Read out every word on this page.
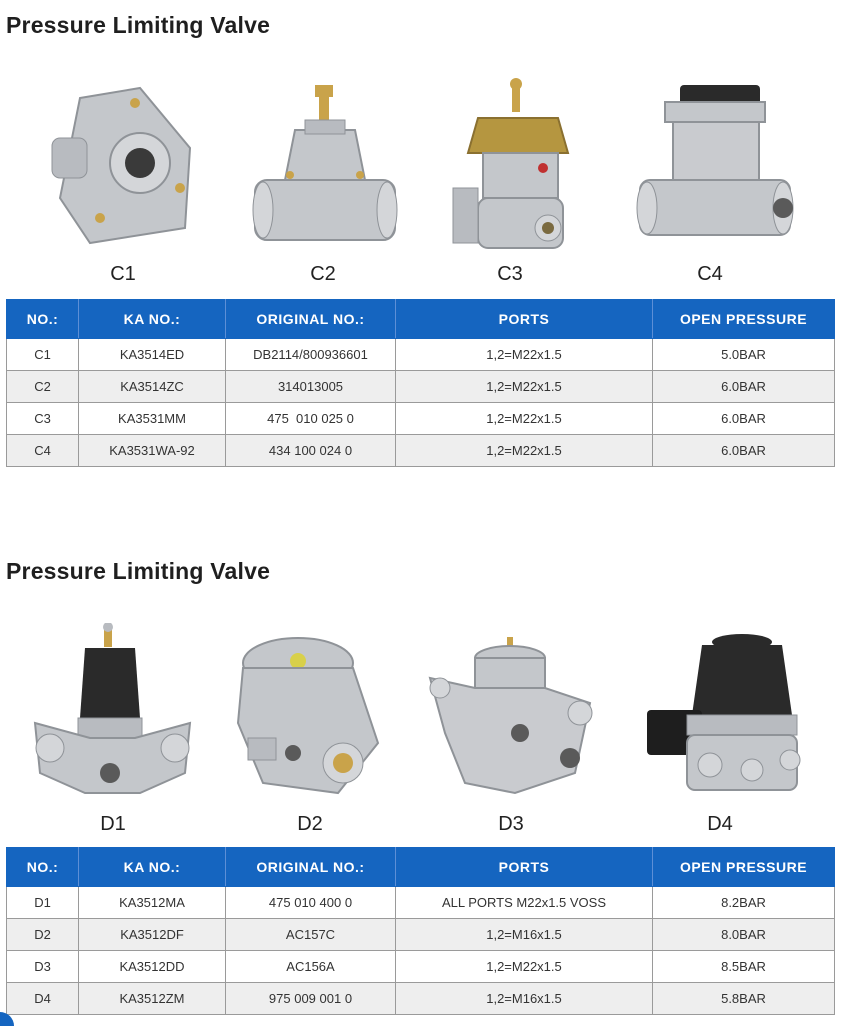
Pressure Limiting Valve
C1	C2	C3	C4
NO.:	KA NO.:	ORIGINAL NO.:	PORTS	OPEN PRESSURE
C1	KA3514ED	DB2114/800936601	1,2=M22x1.5	5.0BAR
C2	KA3514ZC	314013005	1,2=M22x1.5	6.0BAR
C3	KA3531MM	475  010 025 0	1,2=M22x1.5	6.0BAR
C4	KA3531WA-92	434 100 024 0	1,2=M22x1.5	6.0BAR
Pressure Limiting Valve
D1	D2	D3	D4
NO.:	KA NO.:	ORIGINAL NO.:	PORTS	OPEN PRESSURE
D1	KA3512MA	475 010 400 0	ALL PORTS M22x1.5 VOSS	8.2BAR
D2	KA3512DF	AC157C	1,2=M16x1.5	8.0BAR
D3	KA3512DD	AC156A	1,2=M22x1.5	8.5BAR
D4	KA3512ZM	975 009 001 0	1,2=M16x1.5	5.8BAR
